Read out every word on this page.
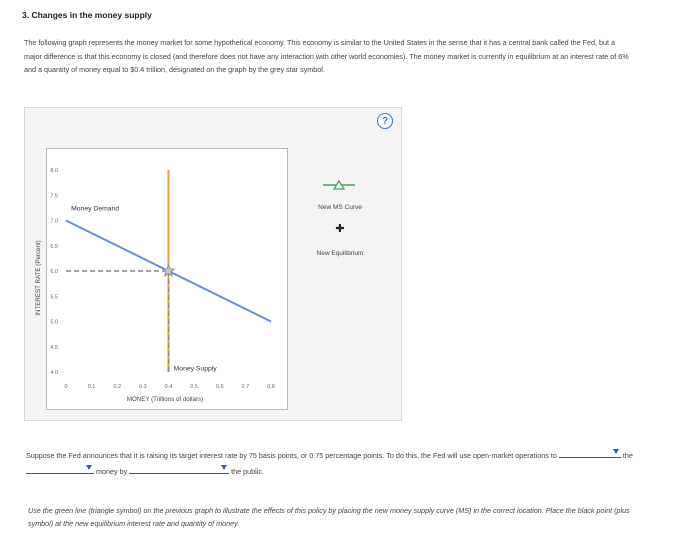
3. Changes in the money supply
The following graph represents the money market for some hypothetical economy. This economy is similar to the United States in the sense that it has a central bank called the Fed, but a major difference is that this economy is closed (and therefore does not have any interaction with other world economies). The money market is currently in equilibrium at an interest rate of 6% and a quantity of money equal to $0.4 trillion, designated on the graph by the grey star symbol.
?
4.0
4.5
5.0
5.5
6.0
6.5
7.0
7.5
8.0
0	0.1	0.2	0.3	0.4	0.5	0.6	0.7	0.8
Money Demand
Money Supply
INTEREST RATE (Percent)
MONEY (Trillions of dollars)
New MS Curve
✚
New Equilibrium
Suppose the Fed announces that it is raising its target interest rate by 75 basis points, or 0.75 percentage points. To do this, the Fed will use open-market operations to	the
money by	the public.
Use the green line (triangle symbol) on the previous graph to illustrate the effects of this policy by placing the new money supply curve (MS) in the correct location. Place the black point (plus symbol) at the new equilibrium interest rate and quantity of money.
